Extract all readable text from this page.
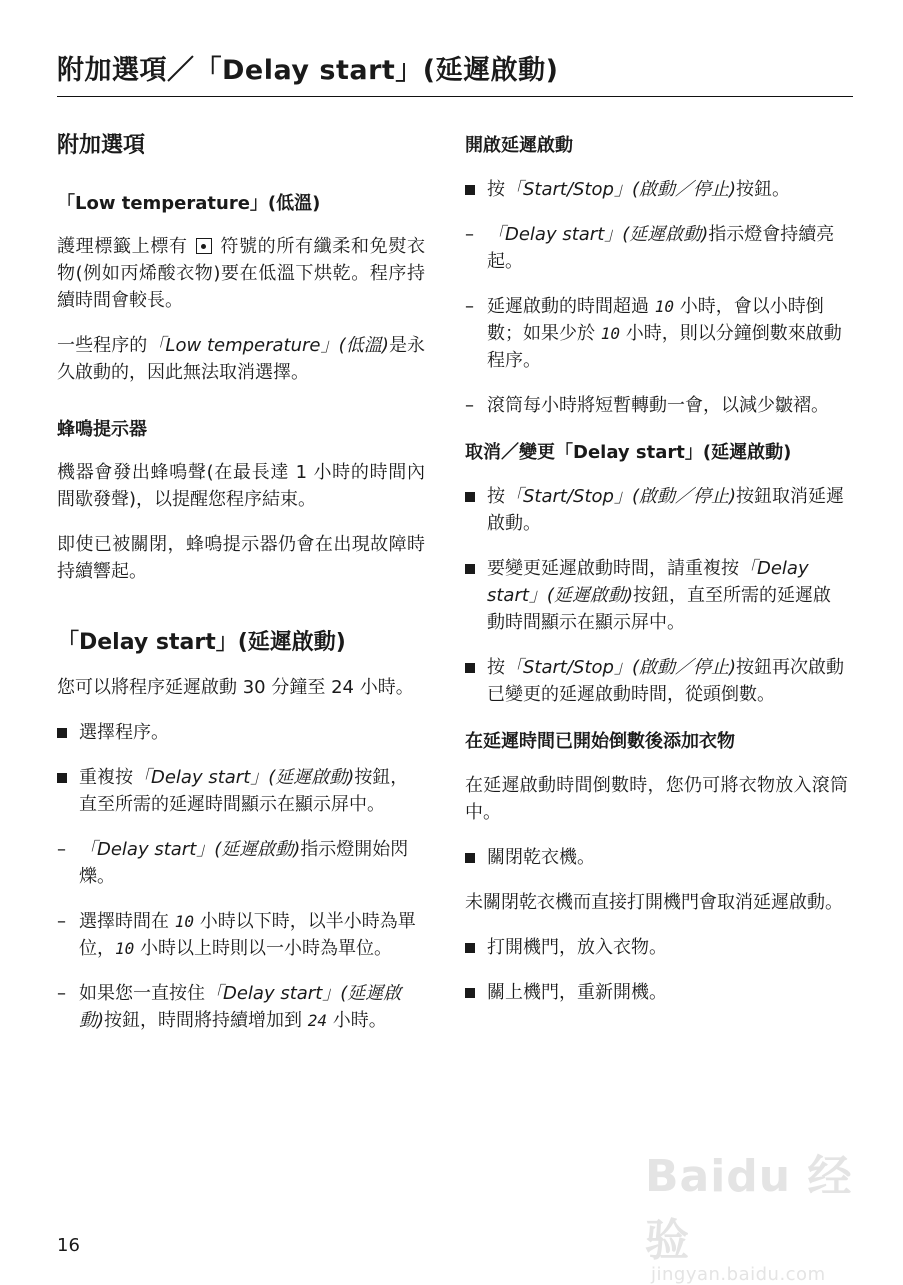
附加選項／「Delay start」(延遲啟動)
附加選項
「Low temperature」(低溫)

護理標籤上標有 符號的所有纖柔和免熨衣物(例如丙烯酸衣物)要在低溫下烘乾。程序持續時間會較長。

一些程序的「Low temperature」(低溫)是永久啟動的，因此無法取消選擇。

蜂鳴提示器

機器會發出蜂鳴聲(在最長達 1 小時的時間內間歇發聲)，以提醒您程序結束。

即使已被關閉，蜂鳴提示器仍會在出現故障時持續響起。

「Delay start」(延遲啟動)

您可以將程序延遲啟動 30 分鐘至 24 小時。

選擇程序。
重複按「Delay start」(延遲啟動)按鈕，直至所需的延遲時間顯示在顯示屏中。
– 「Delay start」(延遲啟動)指示燈開始閃爍。
– 選擇時間在 10 小時以下時，以半小時為單位，10 小時以上時則以一小時為單位。
– 如果您一直按住「Delay start」(延遲啟動)按鈕，時間將持續增加到 24 小時。
開啟延遲啟動
按「Start/Stop」(啟動／停止)按鈕。
– 「Delay start」(延遲啟動)指示燈會持續亮起。
– 延遲啟動的時間超過 10 小時，會以小時倒數；如果少於 10 小時，則以分鐘倒數來啟動程序。
– 滾筒每小時將短暫轉動一會，以減少皺褶。
取消／變更「Delay start」(延遲啟動)
按「Start/Stop」(啟動／停止)按鈕取消延遲啟動。
要變更延遲啟動時間，請重複按「Delay start」(延遲啟動)按鈕，直至所需的延遲啟動時間顯示在顯示屏中。
按「Start/Stop」(啟動／停止)按鈕再次啟動已變更的延遲啟動時間，從頭倒數。
在延遲時間已開始倒數後添加衣物

在延遲啟動時間倒數時，您仍可將衣物放入滾筒中。

關閉乾衣機。

未關閉乾衣機而直接打開機門會取消延遲啟動。

打開機門，放入衣物。
關上機門，重新開機。
16
Baidu 经验
jingyan.baidu.com
